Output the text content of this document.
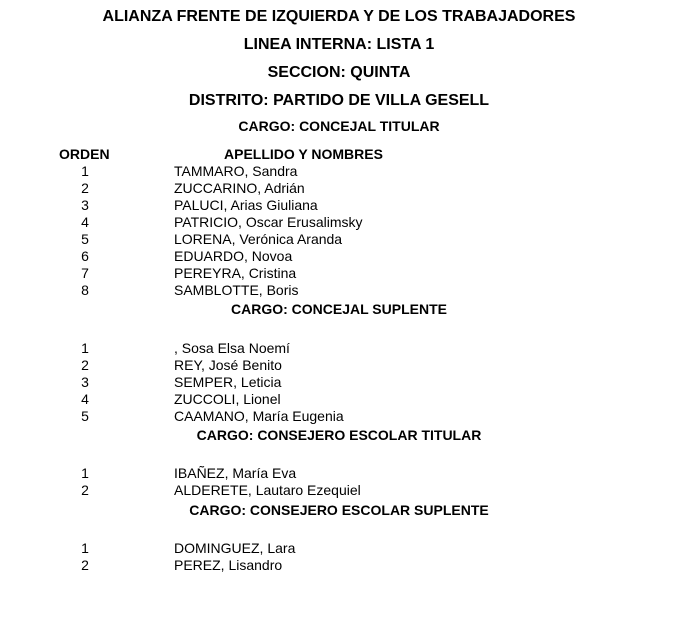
ALIANZA FRENTE DE IZQUIERDA Y DE LOS TRABAJADORES
LINEA INTERNA: LISTA 1
SECCION: QUINTA
DISTRITO: PARTIDO DE VILLA GESELL
CARGO: CONCEJAL TITULAR
ORDEN	APELLIDO Y NOMBRES
1	TAMMARO, Sandra
2	ZUCCARINO, Adrián
3	PALUCI, Arias Giuliana
4	PATRICIO, Oscar Erusalimsky
5	LORENA, Verónica Aranda
6	EDUARDO, Novoa
7	PEREYRA, Cristina
8	SAMBLOTTE, Boris
CARGO: CONCEJAL SUPLENTE
1	, Sosa Elsa Noemí
2	REY, José Benito
3	SEMPER, Leticia
4	ZUCCOLI, Lionel
5	CAAMANO, María Eugenia
CARGO: CONSEJERO ESCOLAR TITULAR
1	IBAÑEZ, María Eva
2	ALDERETE, Lautaro Ezequiel
CARGO: CONSEJERO ESCOLAR SUPLENTE
1	DOMINGUEZ, Lara
2	PEREZ, Lisandro
